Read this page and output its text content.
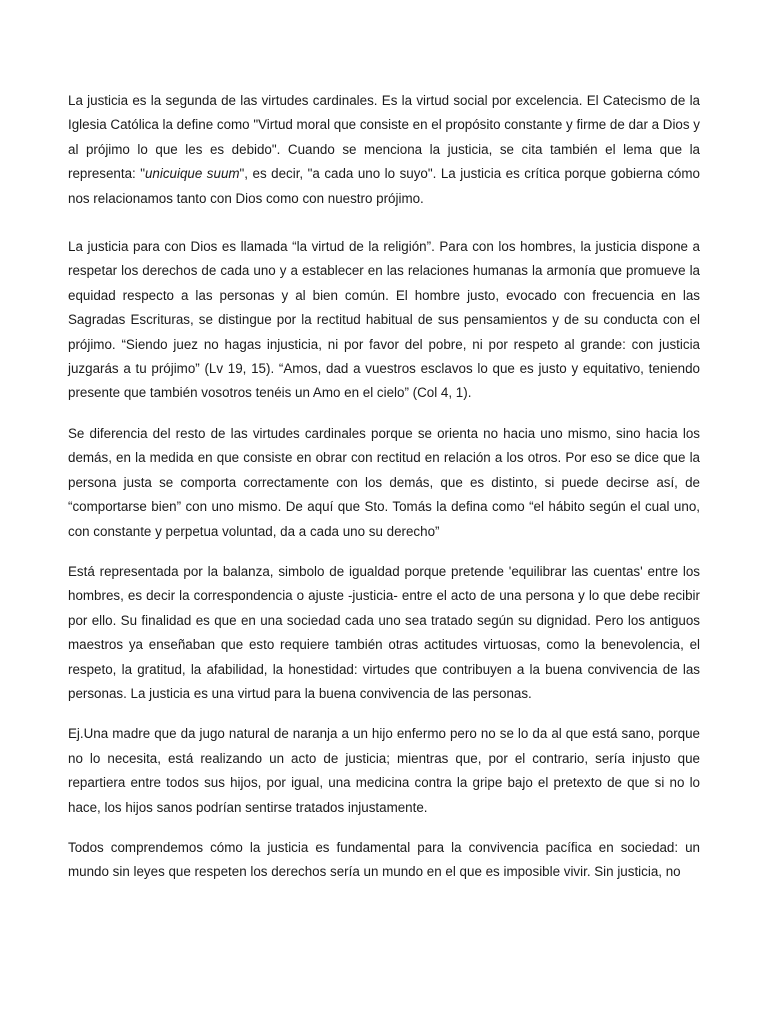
La justicia es la segunda de las virtudes cardinales. Es la virtud social por excelencia. El Catecismo de la Iglesia Católica la define como "Virtud moral que consiste en el propósito constante y firme de dar a Dios y al prójimo lo que les es debido". Cuando se menciona la justicia, se cita también el lema que la representa: "unicuique suum", es decir, "a cada uno lo suyo". La justicia es crítica porque gobierna cómo nos relacionamos tanto con Dios como con nuestro prójimo.

La justicia para con Dios es llamada “la virtud de la religión”. Para con los hombres, la justicia dispone a respetar los derechos de cada uno y a establecer en las relaciones humanas la armonía que promueve la equidad respecto a las personas y al bien común. El hombre justo, evocado con frecuencia en las Sagradas Escrituras, se distingue por la rectitud habitual de sus pensamientos y de su conducta con el prójimo. “Siendo juez no hagas injusticia, ni por favor del pobre, ni por respeto al grande: con justicia juzgarás a tu prójimo” (Lv 19, 15). “Amos, dad a vuestros esclavos lo que es justo y equitativo, teniendo presente que también vosotros tenéis un Amo en el cielo” (Col 4, 1).

Se diferencia del resto de las virtudes cardinales porque se orienta no hacia uno mismo, sino hacia los demás, en la medida en que consiste en obrar con rectitud en relación a los otros. Por eso se dice que la persona justa se comporta correctamente con los demás, que es distinto, si puede decirse así, de “comportarse bien” con uno mismo. De aquí que Sto. Tomás la defina como “el hábito según el cual uno, con constante y perpetua voluntad, da a cada uno su derecho”

Está representada por la balanza, simbolo de igualdad porque pretende 'equilibrar las cuentas' entre los hombres, es decir la correspondencia o ajuste -justicia- entre el acto de una persona y lo que debe recibir por ello. Su finalidad es que en una sociedad cada uno sea tratado según su dignidad. Pero los antiguos maestros ya enseñaban que esto requiere también otras actitudes virtuosas, como la benevolencia, el respeto, la gratitud, la afabilidad, la honestidad: virtudes que contribuyen a la buena convivencia de las personas. La justicia es una virtud para la buena convivencia de las personas.

Ej.Una madre que da jugo natural de naranja a un hijo enfermo pero no se lo da al que está sano, porque no lo necesita, está realizando un acto de justicia; mientras que, por el contrario, sería injusto que repartiera entre todos sus hijos, por igual, una medicina contra la gripe bajo el pretexto de que si no lo hace, los hijos sanos podrían sentirse tratados injustamente.

Todos comprendemos cómo la justicia es fundamental para la convivencia pacífica en sociedad: un mundo sin leyes que respeten los derechos sería un mundo en el que es imposible vivir. Sin justicia, no
